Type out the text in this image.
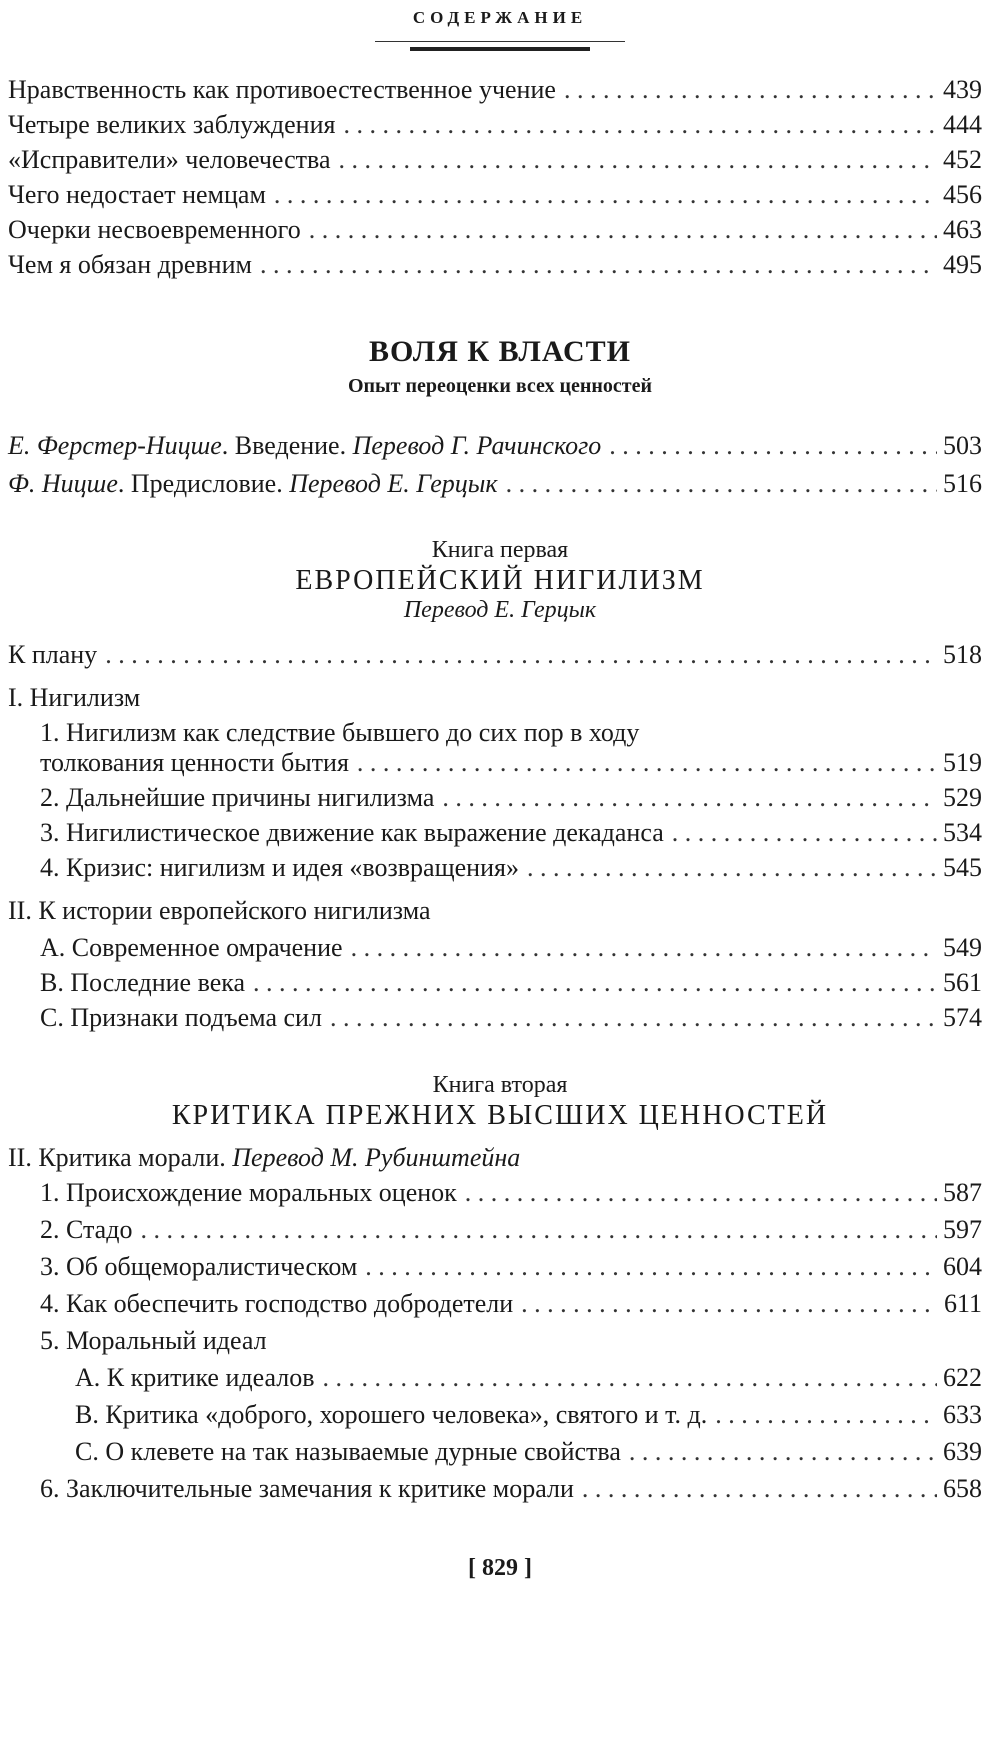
СОДЕРЖАНИЕ
Нравственность как противоестественное учение . . .	439
Четыре великих заблуждения . . .	444
«Исправители» человечества . . .	452
Чего недостает немцам . . .	456
Очерки несвоевременного . . .	463
Чем я обязан древним . . .	495
ВОЛЯ К ВЛАСТИ
Опыт переоценки всех ценностей
Е. Ферстер-Ницше. Введение. Перевод Г. Рачинского . . .	503
Ф. Ницше. Предисловие. Перевод Е. Герцык . . .	516
Книга первая
ЕВРОПЕЙСКИЙ НИГИЛИЗМ
Перевод Е. Герцык
К плану . . .	518
I. Нигилизм
1. Нигилизм как следствие бывшего до сих пор в ходу
толкования ценности бытия . . .	519
2. Дальнейшие причины нигилизма . . .	529
3. Нигилистическое движение как выражение декаданса . . .	534
4. Кризис: нигилизм и идея «возвращения» . . .	545
II. К истории европейского нигилизма
A. Современное омрачение . . .	549
B. Последние века . . .	561
C. Признаки подъема сил . . .	574
Книга вторая
КРИТИКА ПРЕЖНИХ ВЫСШИХ ЦЕННОСТЕЙ
II. Критика морали. Перевод М. Рубинштейна
1. Происхождение моральных оценок . . .	587
2. Стадо . . .	597
3. Об общеморалистическом . . .	604
4. Как обеспечить господство добродетели . . .	611
5. Моральный идеал
A. К критике идеалов . . .	622
B. Критика «доброго, хорошего человека», святого и т. д. . . .	633
C. О клевете на так называемые дурные свойства . . .	639
6. Заключительные замечания к критике морали . . .	658
[ 829 ]
